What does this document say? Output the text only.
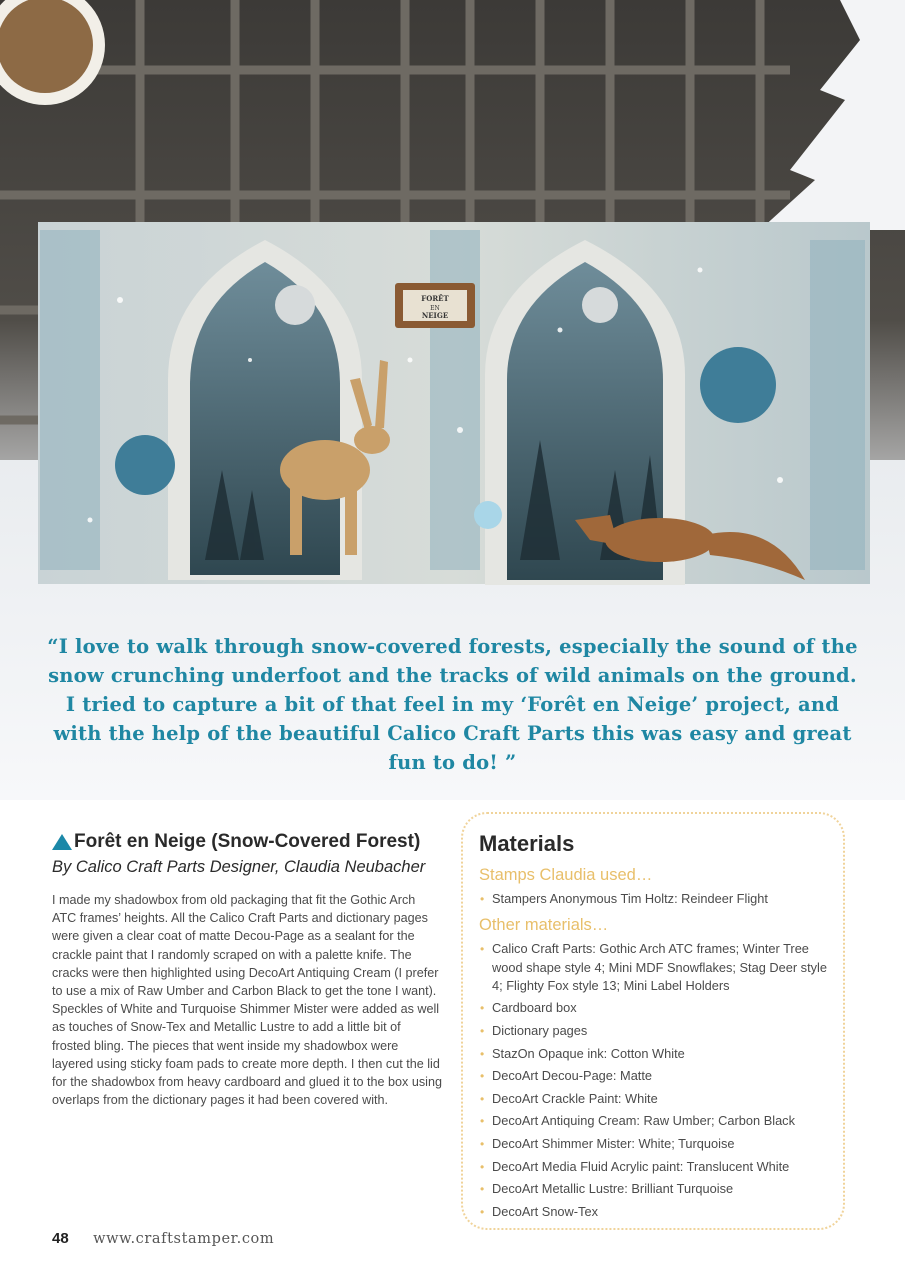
FORÊT
EN
NEIGE

“I love to walk through snow-covered forests, especially the sound of the snow crunching underfoot and the tracks of wild animals on the ground. I tried to capture a bit of that feel in my ‘Forêt en Neige’ project, and with the help of the beautiful Calico Craft Parts this was easy and great fun to do! ”

Forêt en Neige (Snow-Covered Forest)

By Calico Craft Parts Designer, Claudia Neubacher

I made my shadowbox from old packaging that fit the Gothic Arch ATC frames’ heights. All the Calico Craft Parts and dictionary pages were given a clear coat of matte Decou-Page as a sealant for the crackle paint that I randomly scraped on with a palette knife. The cracks were then highlighted using DecoArt Antiquing Cream (I prefer to use a mix of Raw Umber and Carbon Black to get the tone I want). Speckles of White and Turquoise Shimmer Mister were added as well as touches of Snow-Tex and Metallic Lustre to add a little bit of frosted bling. The pieces that went inside my shadowbox were layered using sticky foam pads to create more depth. I then cut the lid for the shadowbox from heavy cardboard and glued it to the box using overlaps from the dictionary pages it had been covered with.

Materials
Stamps Claudia used…
• Stampers Anonymous Tim Holtz: Reindeer Flight
Other materials…
• Calico Craft Parts: Gothic Arch ATC frames; Winter Tree wood shape style 4; Mini MDF Snowflakes; Stag Deer style 4; Flighty Fox style 13; Mini Label Holders
• Cardboard box
• Dictionary pages
• StazOn Opaque ink: Cotton White
• DecoArt Decou-Page: Matte
• DecoArt Crackle Paint: White
• DecoArt Antiquing Cream: Raw Umber; Carbon Black
• DecoArt Shimmer Mister: White; Turquoise
• DecoArt Media Fluid Acrylic paint: Translucent White
• DecoArt Metallic Lustre: Brilliant Turquoise
• DecoArt Snow-Tex
48 www.craftstamper.com
